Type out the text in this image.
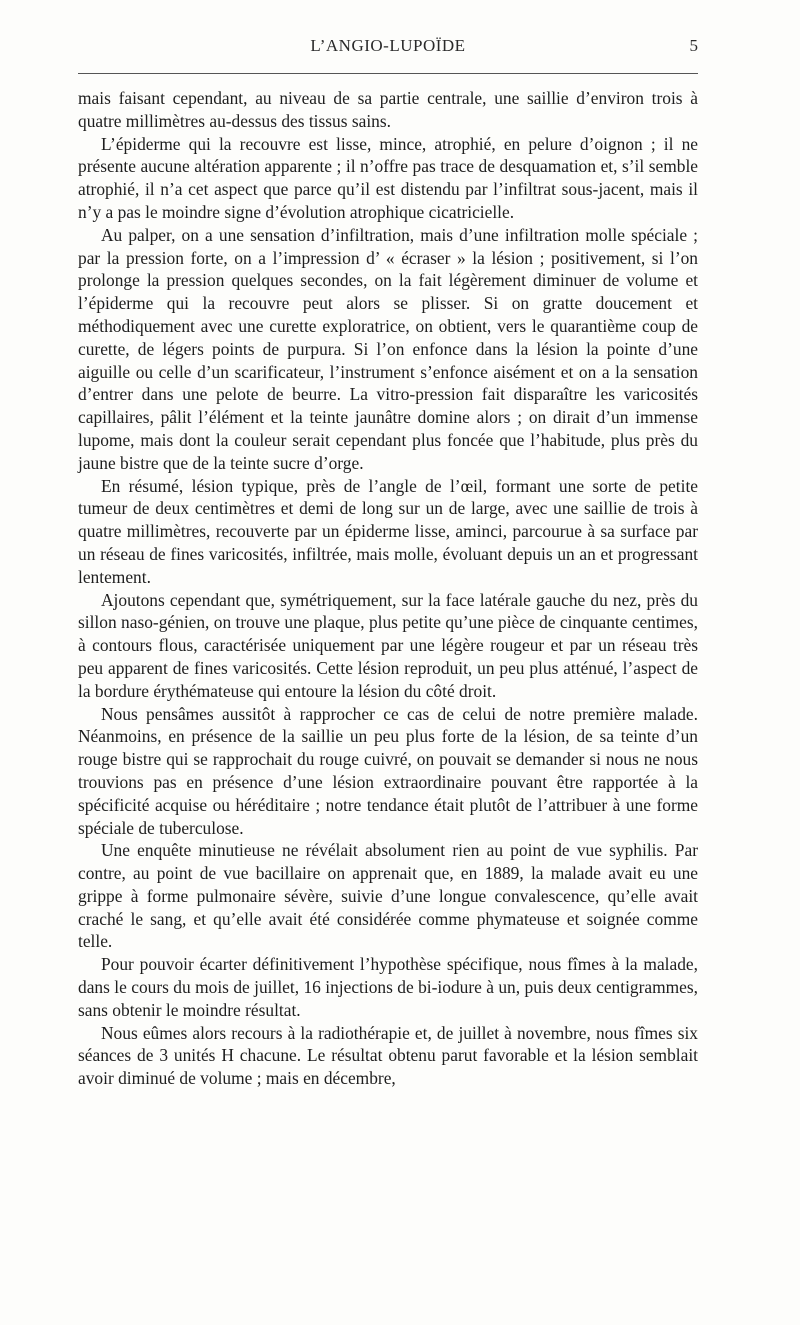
L’ANGIO-LUPOÏDE	5

mais faisant cependant, au niveau de sa partie centrale, une saillie d’environ trois à quatre millimètres au-dessus des tissus sains.

L’épiderme qui la recouvre est lisse, mince, atrophié, en pelure d’oignon ; il ne présente aucune altération apparente ; il n’offre pas trace de desquamation et, s’il semble atrophié, il n’a cet aspect que parce qu’il est distendu par l’infiltrat sous-jacent, mais il n’y a pas le moindre signe d’évolution atrophique cicatricielle.

Au palper, on a une sensation d’infiltration, mais d’une infiltration molle spéciale ; par la pression forte, on a l’impression d’ « écraser » la lésion ; positivement, si l’on prolonge la pression quelques secondes, on la fait légèrement diminuer de volume et l’épiderme qui la recouvre peut alors se plisser. Si on gratte doucement et méthodiquement avec une curette exploratrice, on obtient, vers le quarantième coup de curette, de légers points de purpura. Si l’on enfonce dans la lésion la pointe d’une aiguille ou celle d’un scarificateur, l’instrument s’enfonce aisément et on a la sensation d’entrer dans une pelote de beurre. La vitro-pression fait disparaître les varicosités capillaires, pâlit l’élément et la teinte jaunâtre domine alors ; on dirait d’un immense lupome, mais dont la couleur serait cependant plus foncée que l’habitude, plus près du jaune bistre que de la teinte sucre d’orge.

En résumé, lésion typique, près de l’angle de l’œil, formant une sorte de petite tumeur de deux centimètres et demi de long sur un de large, avec une saillie de trois à quatre millimètres, recouverte par un épiderme lisse, aminci, parcourue à sa surface par un réseau de fines varicosités, infiltrée, mais molle, évoluant depuis un an et progressant lentement.

Ajoutons cependant que, symétriquement, sur la face latérale gauche du nez, près du sillon naso-génien, on trouve une plaque, plus petite qu’une pièce de cinquante centimes, à contours flous, caractérisée uniquement par une légère rougeur et par un réseau très peu apparent de fines varicosités. Cette lésion reproduit, un peu plus atténué, l’aspect de la bordure érythémateuse qui entoure la lésion du côté droit.

Nous pensâmes aussitôt à rapprocher ce cas de celui de notre première malade. Néanmoins, en présence de la saillie un peu plus forte de la lésion, de sa teinte d’un rouge bistre qui se rapprochait du rouge cuivré, on pouvait se demander si nous ne nous trouvions pas en présence d’une lésion extraordinaire pouvant être rapportée à la spécificité acquise ou héréditaire ; notre tendance était plutôt de l’attribuer à une forme spéciale de tuberculose.

Une enquête minutieuse ne révélait absolument rien au point de vue syphilis. Par contre, au point de vue bacillaire on apprenait que, en 1889, la malade avait eu une grippe à forme pulmonaire sévère, suivie d’une longue convalescence, qu’elle avait craché le sang, et qu’elle avait été considérée comme phymateuse et soignée comme telle.

Pour pouvoir écarter définitivement l’hypothèse spécifique, nous fîmes à la malade, dans le cours du mois de juillet, 16 injections de bi-iodure à un, puis deux centigrammes, sans obtenir le moindre résultat.

Nous eûmes alors recours à la radiothérapie et, de juillet à novembre, nous fîmes six séances de 3 unités H chacune. Le résultat obtenu parut favorable et la lésion semblait avoir diminué de volume ; mais en décembre,
